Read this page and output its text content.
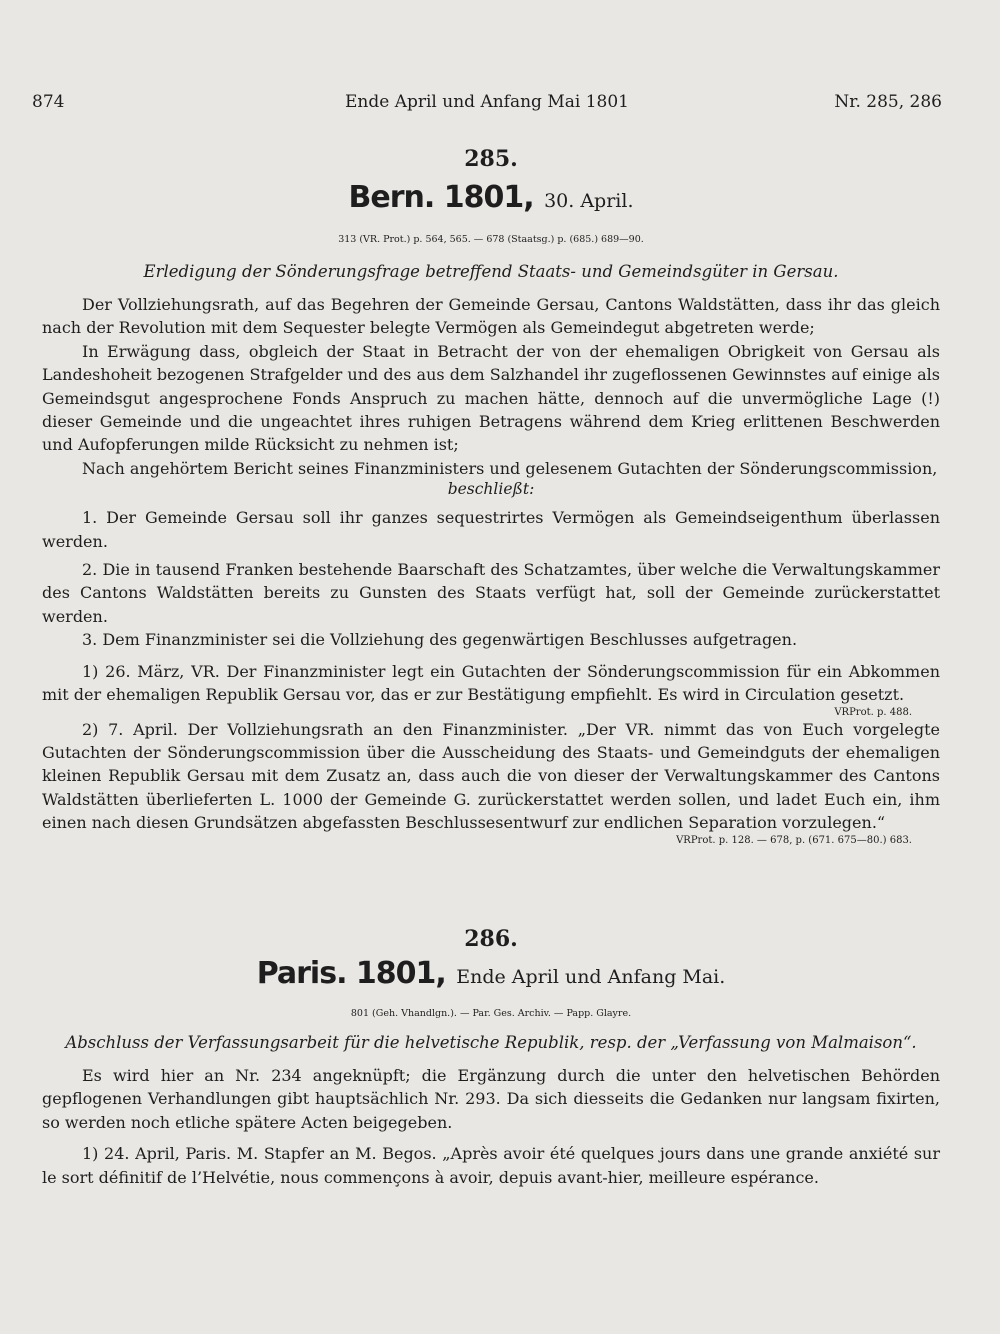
874	Ende April und Anfang Mai 1801	Nr. 285, 286
285.
Bern. 1801, 30. April.
313 (VR. Prot.) p. 564, 565. — 678 (Staatsg.) p. (685.) 689—90.
Erledigung der Sönderungsfrage betreffend Staats- und Gemeindsgüter in Gersau.

Der Vollziehungsrath, auf das Begehren der Gemeinde Gersau, Cantons Waldstätten, dass ihr das gleich nach der Revolution mit dem Sequester belegte Vermögen als Gemeindegut abgetreten werde;

In Erwägung dass, obgleich der Staat in Betracht der von der ehemaligen Obrigkeit von Gersau als Landeshoheit bezogenen Strafgelder und des aus dem Salzhandel ihr zugeflossenen Gewinnstes auf einige als Gemeindsgut angesprochene Fonds Anspruch zu machen hätte, dennoch auf die unvermögliche Lage (!) dieser Gemeinde und die ungeachtet ihres ruhigen Betragens während dem Krieg erlittenen Beschwerden und Aufopferungen milde Rücksicht zu nehmen ist;

Nach angehörtem Bericht seines Finanzministers und gelesenem Gutachten der Sönderungscommission,

beschließt:

1. Der Gemeinde Gersau soll ihr ganzes sequestrirtes Vermögen als Gemeindseigenthum überlassen werden.

2. Die in tausend Franken bestehende Baarschaft des Schatzamtes, über welche die Verwaltungskammer des Cantons Waldstätten bereits zu Gunsten des Staats verfügt hat, soll der Gemeinde zurückerstattet werden.

3. Dem Finanzminister sei die Vollziehung des gegenwärtigen Beschlusses aufgetragen.

1) 26. März, VR. Der Finanzminister legt ein Gutachten der Sönderungscommission für ein Abkommen mit der ehemaligen Republik Gersau vor, das er zur Bestätigung empfiehlt. Es wird in Circulation gesetzt.

VRProt. p. 488.

2) 7. April. Der Vollziehungsrath an den Finanzminister. „Der VR. nimmt das von Euch vorgelegte Gutachten der Sönderungscommission über die Ausscheidung des Staats- und Gemeindguts der ehemaligen kleinen Republik Gersau mit dem Zusatz an, dass auch die von dieser der Verwaltungskammer des Cantons Waldstätten überlieferten L. 1000 der Gemeinde G. zurückerstattet werden sollen, und ladet Euch ein, ihm einen nach diesen Grundsätzen abgefassten Beschlussesentwurf zur endlichen Separation vorzulegen.“

VRProt. p. 128. — 678, p. (671. 675—80.) 683.
286.
Paris. 1801, Ende April und Anfang Mai.
801 (Geh. Vhandlgn.). — Par. Ges. Archiv. — Papp. Glayre.
Abschluss der Verfassungsarbeit für die helvetische Republik, resp. der „Verfassung von Malmaison“.

Es wird hier an Nr. 234 angeknüpft; die Ergänzung durch die unter den helvetischen Behörden gepflogenen Verhandlungen gibt hauptsächlich Nr. 293. Da sich diesseits die Gedanken nur langsam fixirten, so werden noch etliche spätere Acten beigegeben.

1) 24. April, Paris. M. Stapfer an M. Begos. „Après avoir été quelques jours dans une grande anxiété sur le sort définitif de l’Helvétie, nous commençons à avoir, depuis avant-hier, meilleure espérance.
